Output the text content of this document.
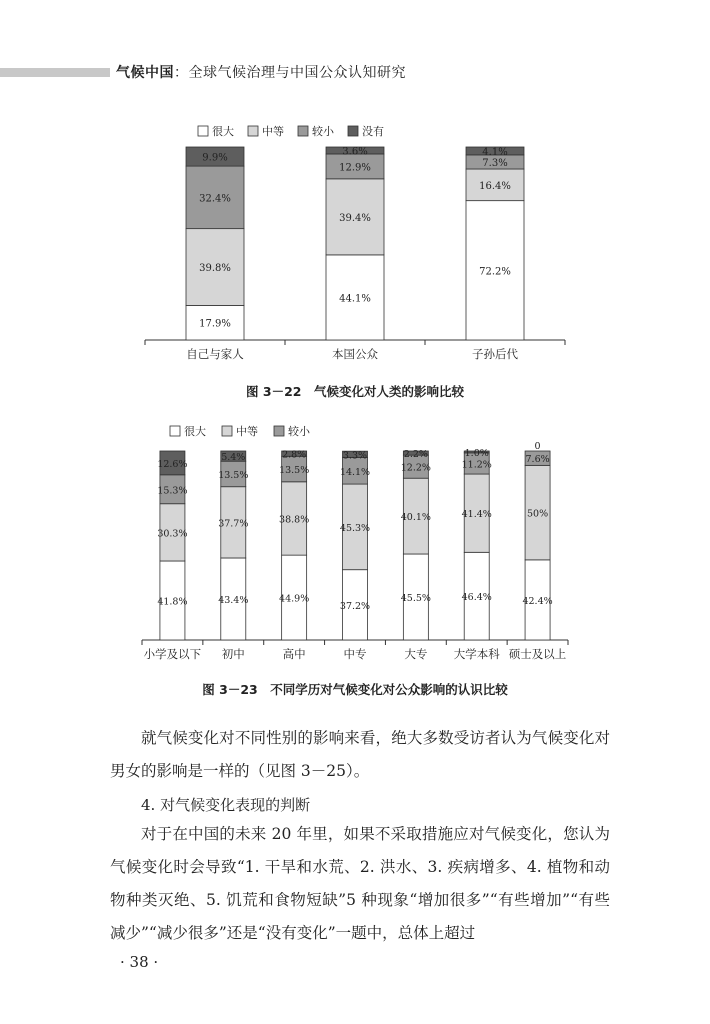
气候中国：全球气候治理与中国公众认知研究
很大	中等	较小	没有
17.9%
39.8%
32.4%
9.9%
自己与家人
44.1%
39.4%
12.9%
3.6%
本国公众
72.2%
16.4%
7.3%
4.1%
子孙后代
图 3－22　气候变化对人类的影响比较
很大	中等	较小
41.8%
30.3%
15.3%
12.6%
小学及以下
43.4%
37.7%
13.5%
5.4%
初中
44.9%
38.8%
13.5%
2.8%
高中
37.2%
45.3%
14.1%
3.3%
中专
45.5%
40.1%
12.2%
2.2%
大专
46.4%
41.4%
11.2%
1.0%
大学本科
42.4%
50%
7.6%
0
硕士及以上
图 3－23　不同学历对气候变化对公众影响的认识比较

就气候变化对不同性别的影响来看，绝大多数受访者认为气候变化对男女的影响是一样的（见图 3－25）。

4. 对气候变化表现的判断

对于在中国的未来 20 年里，如果不采取措施应对气候变化，您认为气候变化时会导致“1. 干旱和水荒、2. 洪水、3. 疾病增多、4. 植物和动物种类灭绝、5. 饥荒和食物短缺”5 种现象“增加很多”“有些增加”“有些减少”“减少很多”还是“没有变化”一题中，总体上超过

· 38 ·
